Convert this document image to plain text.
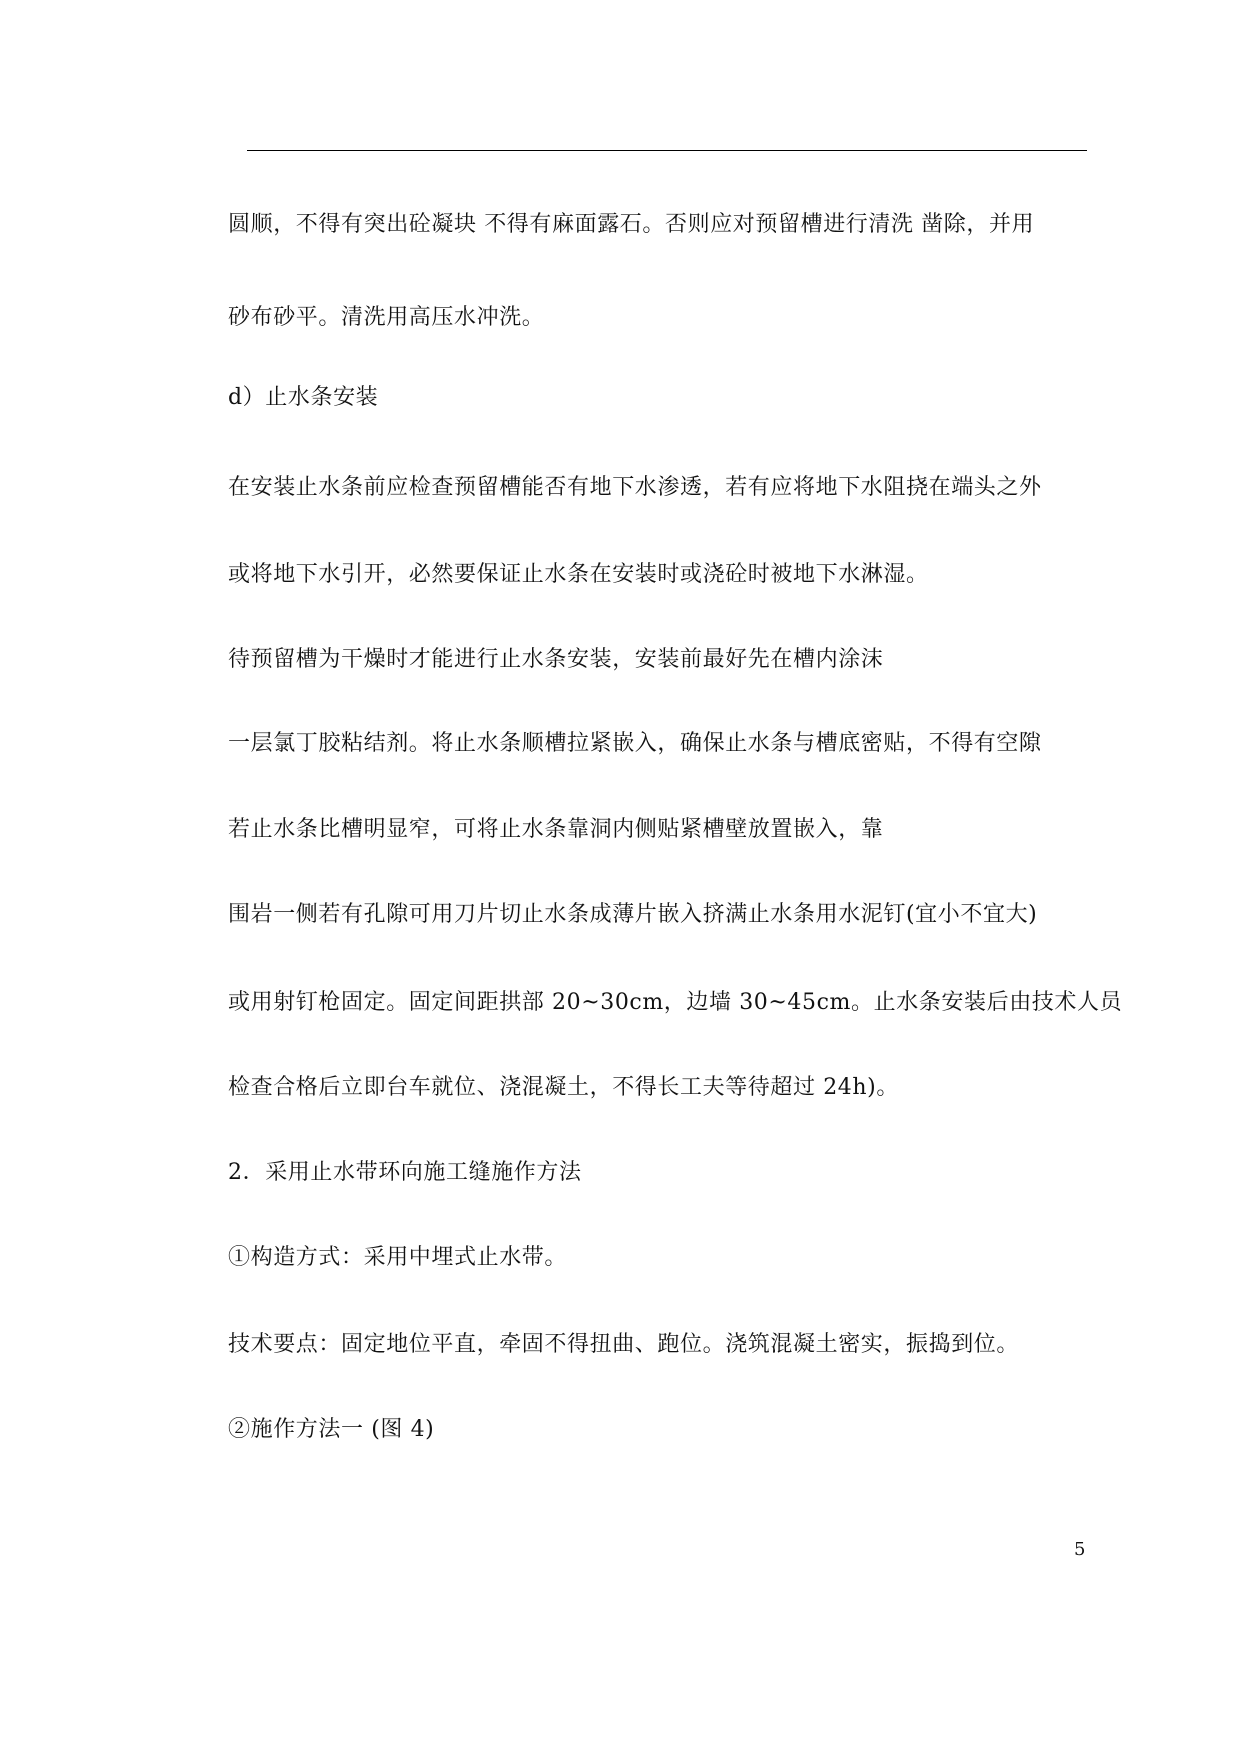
圆顺，不得有突出砼凝块 不得有麻面露石。否则应对预留槽进行清洗 凿除，并用
砂布砂平。清洗用高压水冲洗。
d）止水条安装
在安装止水条前应检查预留槽能否有地下水渗透，若有应将地下水阻挠在端头之外
或将地下水引开，必然要保证止水条在安装时或浇砼时被地下水淋湿。
待预留槽为干燥时才能进行止水条安装，安装前最好先在槽内涂沫
一层氯丁胶粘结剂。将止水条顺槽拉紧嵌入，确保止水条与槽底密贴，不得有空隙
若止水条比槽明显窄，可将止水条靠洞内侧贴紧槽壁放置嵌入，靠
围岩一侧若有孔隙可用刀片切止水条成薄片嵌入挤满止水条用水泥钉(宜小不宜大)
或用射钉枪固定。固定间距拱部 20~30cm，边墙 30~45cm。止水条安装后由技术人员
检查合格后立即台车就位、浇混凝土，不得长工夫等待超过 24h)。
2．采用止水带环向施工缝施作方法
①构造方式：采用中埋式止水带。
技术要点：固定地位平直，牵固不得扭曲、跑位。浇筑混凝土密实，振捣到位。
②施作方法一 (图 4)
5
